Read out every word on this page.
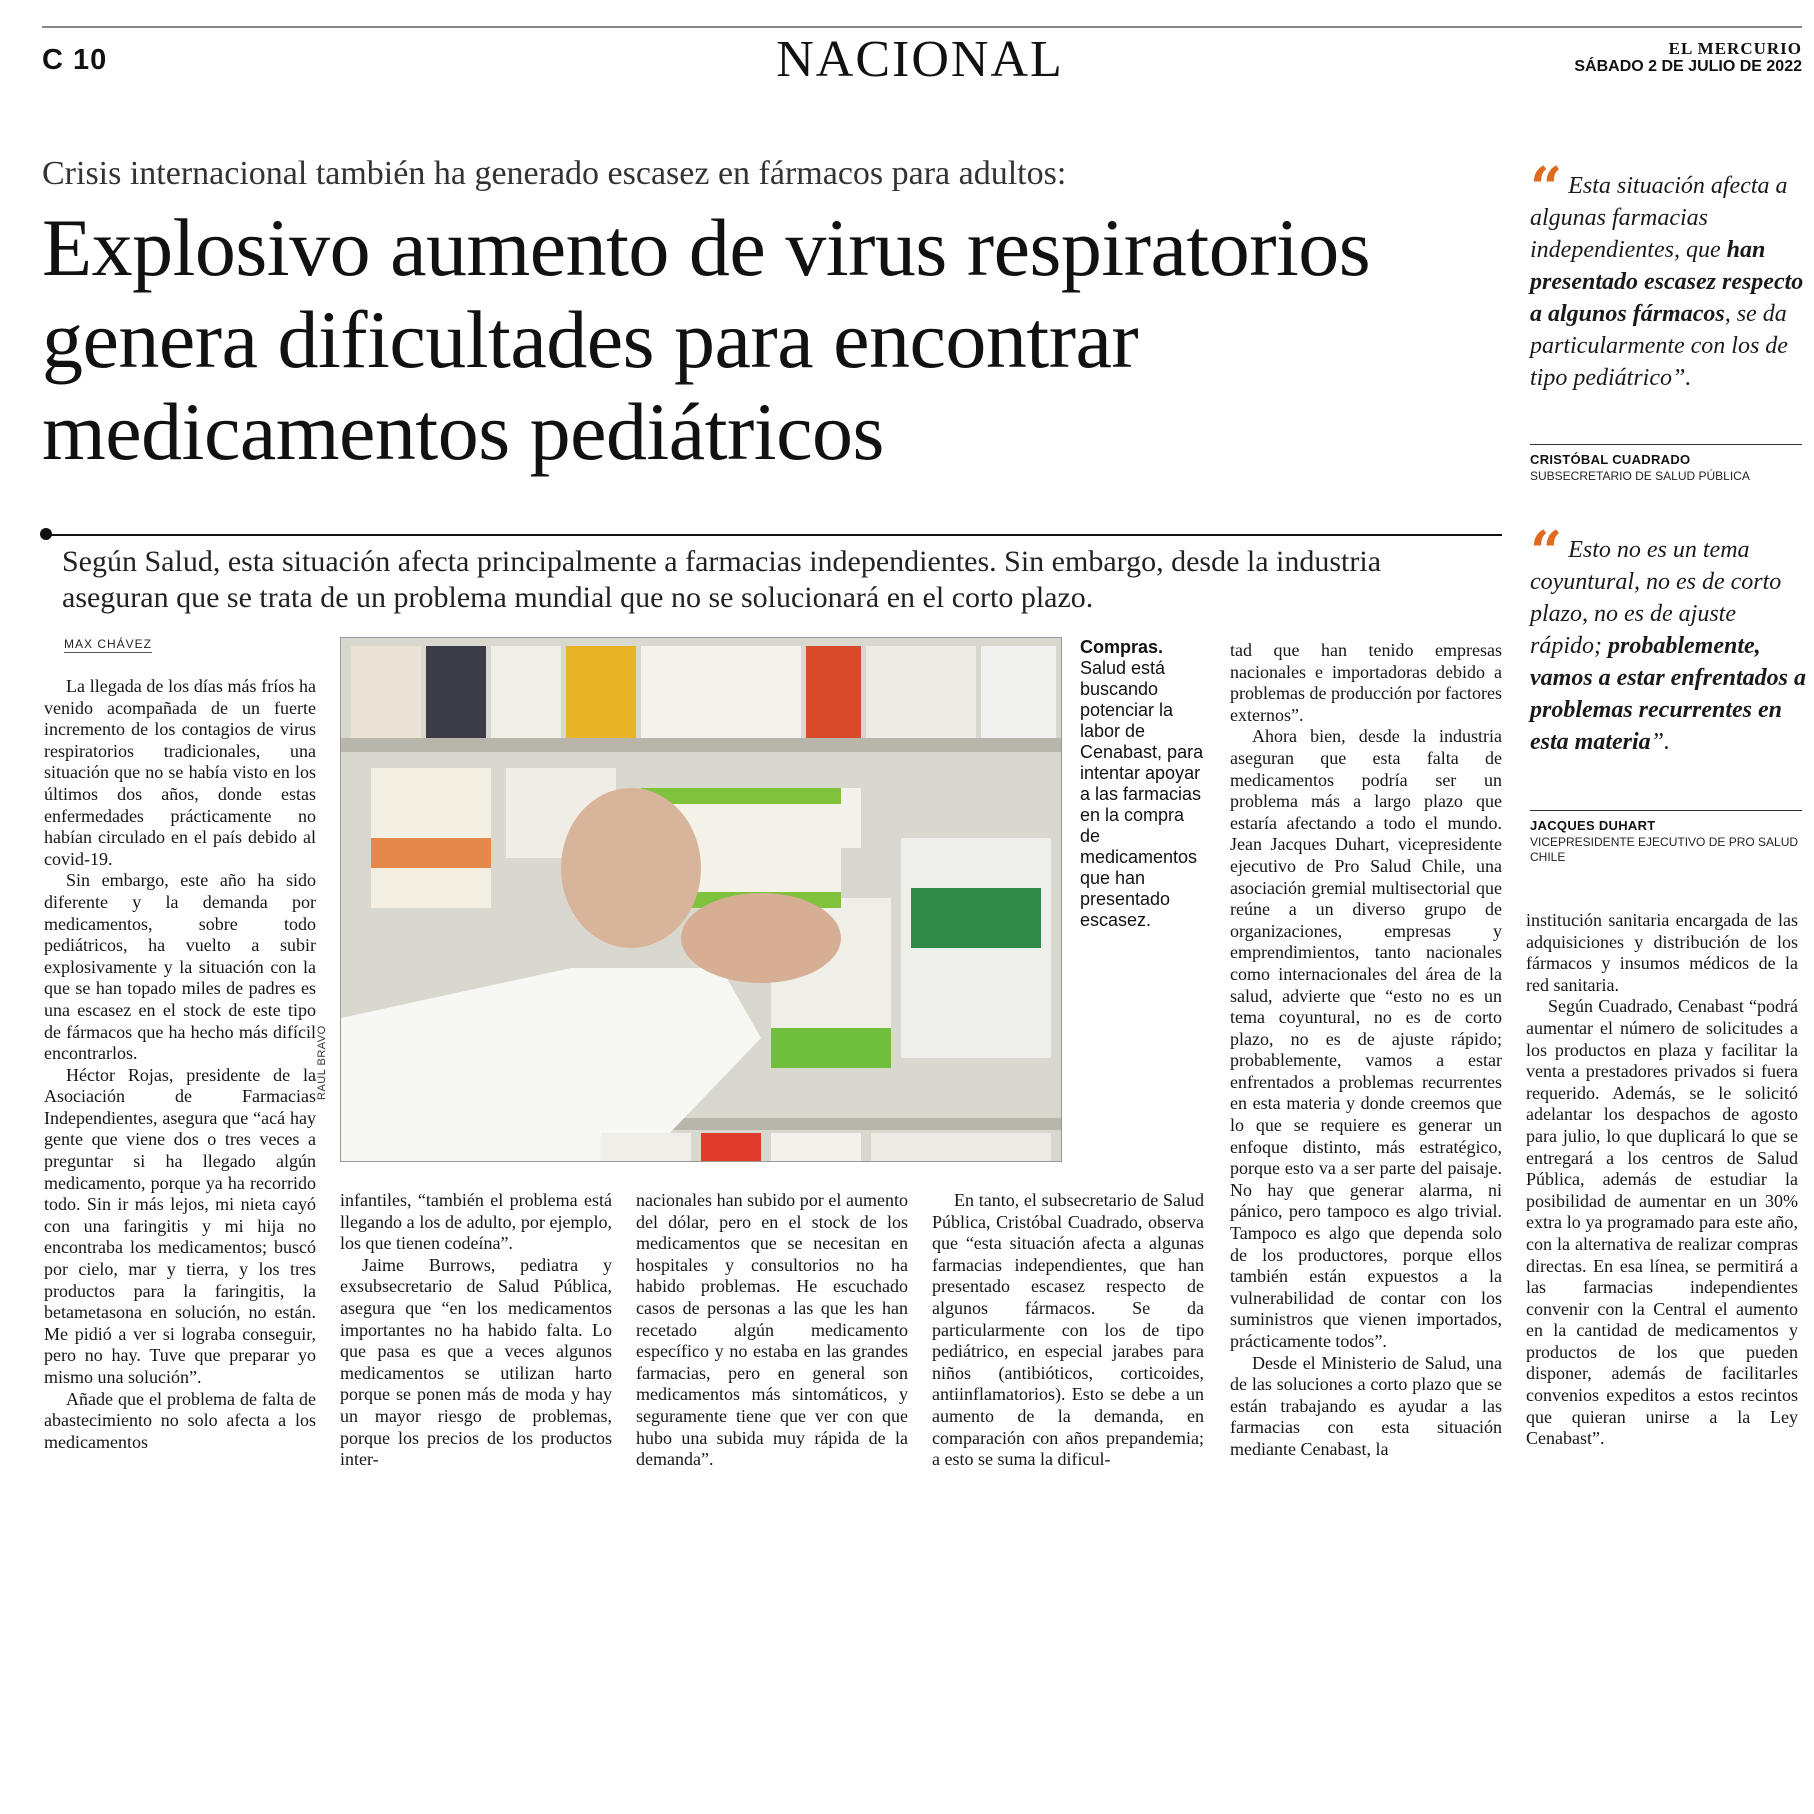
C 10	NACIONAL	EL MERCURIO
SÁBADO 2 DE JULIO DE 2022
Crisis internacional también ha generado escasez en fármacos para adultos:
Explosivo aumento de virus respiratorios genera dificultades para encontrar medicamentos pediátricos
Según Salud, esta situación afecta principalmente a farmacias independientes. Sin embargo, desde la industria aseguran que se trata de un problema mundial que no se solucionará en el corto plazo.
MAX CHÁVEZ

La llegada de los días más fríos ha venido acompañada de un fuerte incremento de los contagios de virus respiratorios tradicionales, una situación que no se había visto en los últimos dos años, donde estas enfermedades prácticamente no habían circulado en el país debido al covid-19.

Sin embargo, este año ha sido diferente y la demanda por medicamentos, sobre todo pediátricos, ha vuelto a subir explosivamente y la situación con la que se han topado miles de padres es una escasez en el stock de este tipo de fármacos que ha hecho más difícil encontrarlos.

Héctor Rojas, presidente de la Asociación de Farmacias Independientes, asegura que “acá hay gente que viene dos o tres veces a preguntar si ha llegado algún medicamento, porque ya ha recorrido todo. Sin ir más lejos, mi nieta cayó con una faringitis y mi hija no encontraba los medicamentos; buscó por cielo, mar y tierra, y los tres productos para la faringitis, la betametasona en solución, no están. Me pidió a ver si lograba conseguir, pero no hay. Tuve que preparar yo mismo una solución”.

Añade que el problema de falta de abastecimiento no solo afecta a los medicamentos

RAÚL BRAVO
Compras. Salud está buscando potenciar la labor de Cenabast, para intentar apoyar a las farmacias en la compra de medicamentos que han presentado escasez.

infantiles, “también el problema está llegando a los de adulto, por ejemplo, los que tienen codeína”.

Jaime Burrows, pediatra y exsubsecretario de Salud Pública, asegura que “en los medicamentos importantes no ha habido falta. Lo que pasa es que a veces algunos medicamentos se utilizan harto porque se ponen más de moda y hay un mayor riesgo de problemas, porque los precios de los productos inter-

nacionales han subido por el aumento del dólar, pero en el stock de los medicamentos que se necesitan en hospitales y consultorios no ha habido problemas. He escuchado casos de personas a las que les han recetado algún medicamento específico y no estaba en las grandes farmacias, pero en general son medicamentos más sintomáticos, y seguramente tiene que ver con que hubo una subida muy rápida de la demanda”.

En tanto, el subsecretario de Salud Pública, Cristóbal Cuadrado, observa que “esta situación afecta a algunas farmacias independientes, que han presentado escasez respecto de algunos fármacos. Se da particularmente con los de tipo pediátrico, en especial jarabes para niños (antibióticos, corticoides, antiinflamatorios). Esto se debe a un aumento de la demanda, en comparación con años prepandemia; a esto se suma la dificul-

tad que han tenido empresas nacionales e importadoras debido a problemas de producción por factores externos”.

Ahora bien, desde la industria aseguran que esta falta de medicamentos podría ser un problema más a largo plazo que estaría afectando a todo el mundo. Jean Jacques Duhart, vicepresidente ejecutivo de Pro Salud Chile, una asociación gremial multisectorial que reúne a un diverso grupo de organizaciones, empresas y emprendimientos, tanto nacionales como internacionales del área de la salud, advierte que “esto no es un tema coyuntural, no es de corto plazo, no es de ajuste rápido; probablemente, vamos a estar enfrentados a problemas recurrentes en esta materia y donde creemos que lo que se requiere es generar un enfoque distinto, más estratégico, porque esto va a ser parte del paisaje. No hay que generar alarma, ni pánico, pero tampoco es algo trivial. Tampoco es algo que dependa solo de los productores, porque ellos también están expuestos a la vulnerabilidad de contar con los suministros que vienen importados, prácticamente todos”.

Desde el Ministerio de Salud, una de las soluciones a corto plazo que se están trabajando es ayudar a las farmacias con esta situación mediante Cenabast, la

institución sanitaria encargada de las adquisiciones y distribución de los fármacos y insumos médicos de la red sanitaria.

Según Cuadrado, Cenabast “podrá aumentar el número de solicitudes a los productos en plaza y facilitar la venta a prestadores privados si fuera requerido. Además, se le solicitó adelantar los despachos de agosto para julio, lo que duplicará lo que se entregará a los centros de Salud Pública, además de estudiar la posibilidad de aumentar en un 30% extra lo ya programado para este año, con la alternativa de realizar compras directas. En esa línea, se permitirá a las farmacias independientes convenir con la Central el aumento en la cantidad de medicamentos y productos de los que pueden disponer, además de facilitarles convenios expeditos a estos recintos que quieran unirse a la Ley Cenabast”.

“ Esta situación afecta a algunas farmacias independientes, que han presentado escasez respecto a algunos fármacos, se da particularmente con los de tipo pediátrico”.
CRISTÓBAL CUADRADO
SUBSECRETARIO DE SALUD PÚBLICA
“ Esto no es un tema coyuntural, no es de corto plazo, no es de ajuste rápido; probablemente, vamos a estar enfrentados a problemas recurrentes en esta materia”.
JACQUES DUHART
VICEPRESIDENTE EJECUTIVO DE PRO SALUD CHILE
